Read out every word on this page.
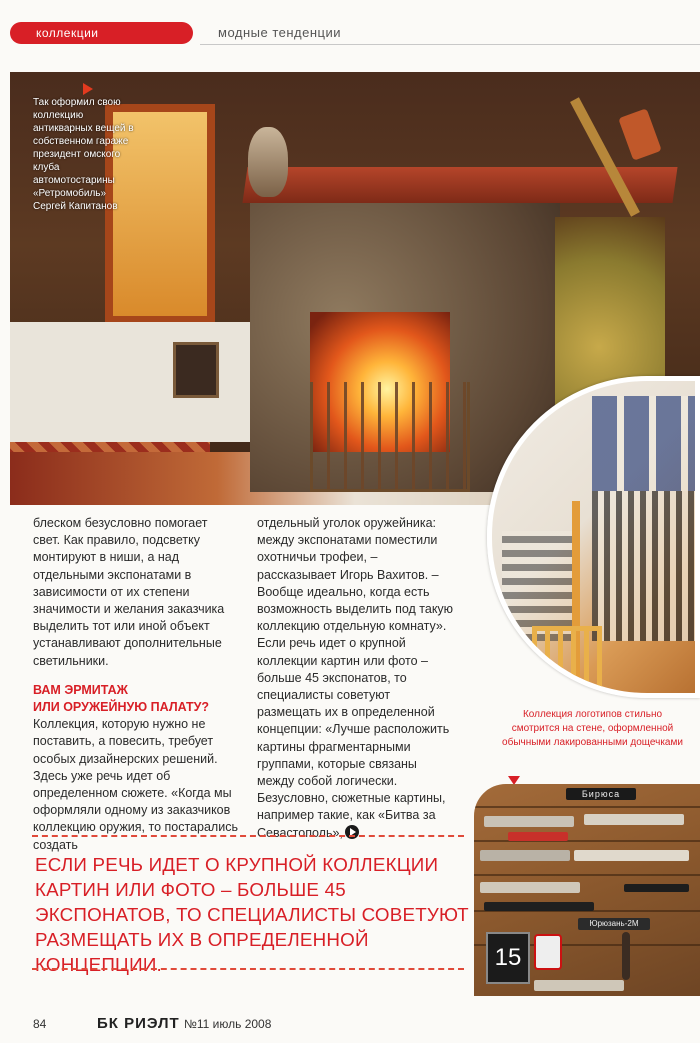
коллекции	модные тенденции
Так оформил свою коллекцию антикварных вещей в собственном гараже президент омского клуба автомотостарины «Ретромобиль» Сергей Капитанов

блеском безусловно помогает свет. Как правило, подсветку монтируют в ниши, а над отдельными экспонатами в зависимости от их степени значимости и желания заказчика выделить тот или иной объект устанавливают дополнительные светильники.

ВАМ ЭРМИТАЖ
ИЛИ ОРУЖЕЙНУЮ ПАЛАТУ?

Коллекция, которую нужно не поставить, а повесить, требует особых дизайнерских решений. Здесь уже речь идет об определенном сюжете. «Когда мы оформляли одному из заказчиков коллекцию оружия, то постарались создать

отдельный уголок оружейника: между экспонатами поместили охотничьи трофеи, – рассказывает Игорь Вахитов. – Вообще идеально, когда есть возможность выделить под такую коллекцию отдельную комнату».

Если речь идет о крупной коллекции картин или фото – больше 45 экспонатов, то специалисты советуют размещать их в определенной концепции: «Лучше расположить картины фрагментарными группами, которые связаны между собой логически. Безусловно, сюжетные картины, например такие, как «Битва за Севастополь»,

Коллекция логотипов стильно смотрится на стене, оформленной обычными лакированными дощечками
Бирюса
Юрюзань-2М
15
ЕСЛИ РЕЧЬ ИДЕТ О КРУПНОЙ КОЛЛЕКЦИИ КАРТИН ИЛИ ФОТО – БОЛЬШЕ 45 ЭКСПОНАТОВ, ТО СПЕЦИАЛИСТЫ СОВЕТУЮТ РАЗМЕЩАТЬ ИХ В ОПРЕДЕЛЕННОЙ КОНЦЕПЦИИ.
84	БК РИЭЛТ №11 июль 2008
